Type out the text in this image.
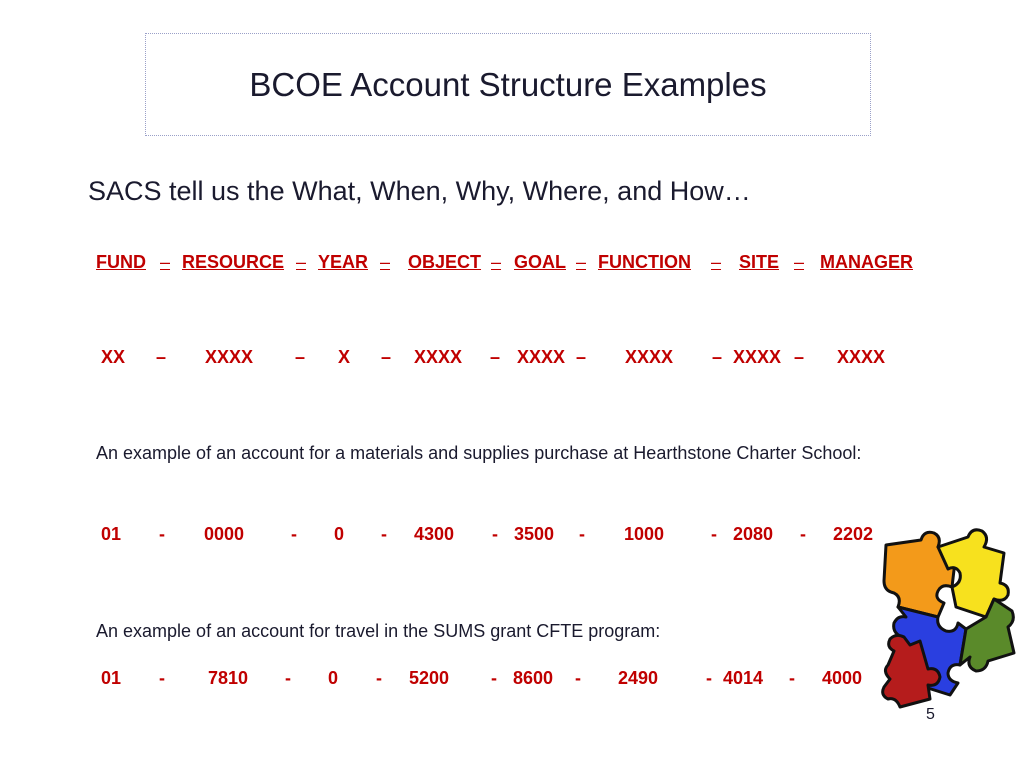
BCOE Account Structure Examples
SACS tell us the What, When, Why, Where, and How…
FUND – RESOURCE – YEAR – OBJECT – GOAL – FUNCTION – SITE – MANAGER
XX – XXXX – X – XXXX – XXXX – XXXX – XXXX – XXXX
An example of an account for a materials and supplies purchase at Hearthstone Charter School:
01 - 0000	- 0 - 4300 - 3500 - 1000	- 2080 - 2202
An example of an account for travel in the SUMS grant CFTE program:
01 - 7810 - 0 - 5200 - 8600 - 2490	- 4014 - 4000
5
